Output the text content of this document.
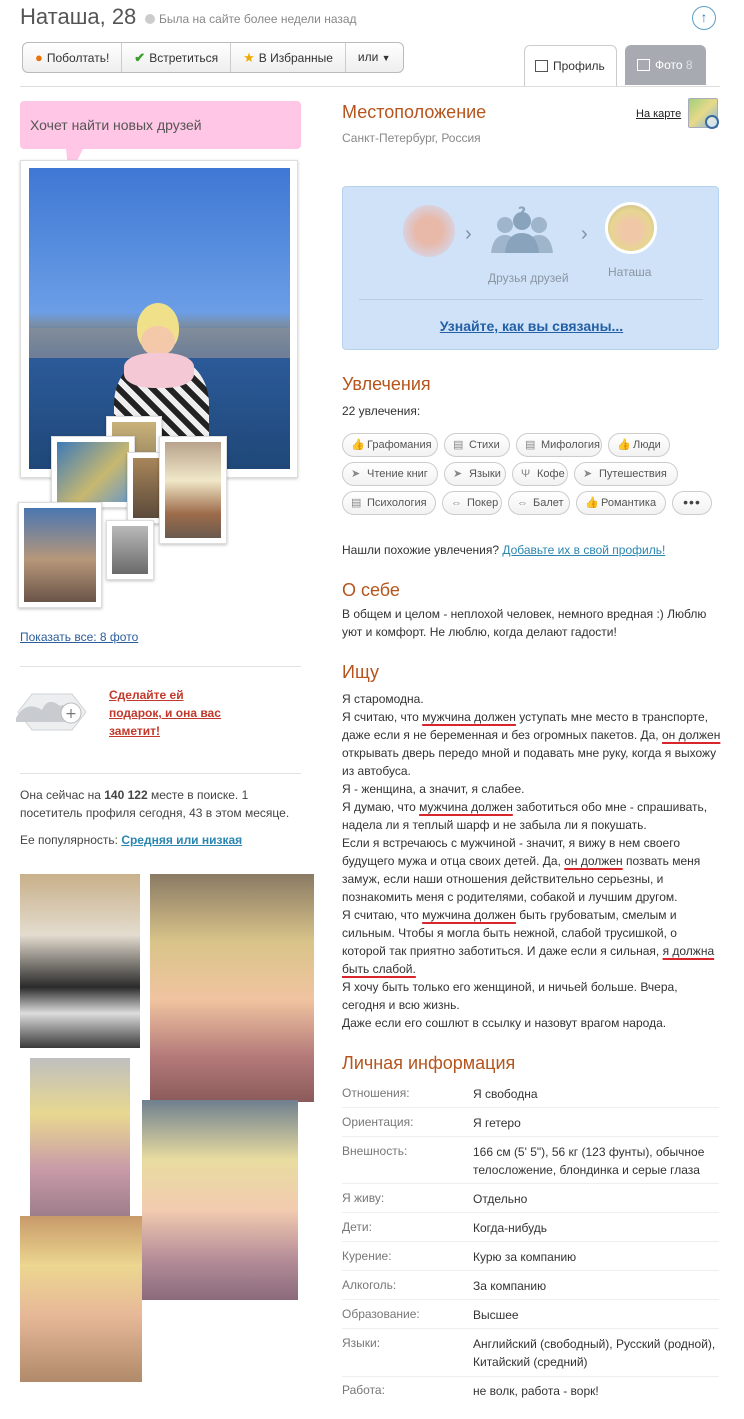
Наташа, 28	Была на сайте более недели назад	↑
● Поболтать!	✔ Встретиться	★ В Избранные	или ▼
Профиль	Фото 8
Хочет найти новых друзей
Показать все: 8 фото
+
Сделайте ей подарок, и она вас заметит!
Она сейчас на 140 122 месте в поиске. 1 посетитель профиля сегодня, 43 в этом месяце.
Ее популярность: Средняя или низкая
Местоположение
Санкт-Петербург, Россия
На карте
›
?
Друзья друзей
›
Наташа
Узнайте, как вы связаны...
Увлечения
22 увлечения:
👍 Графомания	▤ Стихи	▤ Мифология 👍 Люди
➤ Чтение книг	➤ Языки	Ψ Кофе ➤ Путешествия
▤ Психология	⇔ Покер	⇔ Балет	👍 Романтика	•••
Нашли похожие увлечения? Добавьте их в свой профиль!
О себе
В общем и целом - неплохой человек, немного вредная :) Люблю уют и комфорт. Не люблю, когда делают гадости!
Ищу

Я старомодна.

Я считаю, что мужчина должен уступать мне место в транспорте, даже если я не беременная и без огромных пакетов. Да, он должен открывать дверь передо мной и подавать мне руку, когда я выхожу из автобуса.

Я - женщина, а значит, я слабее.

Я думаю, что мужчина должен заботиться обо мне - спрашивать, надела ли я теплый шарф и не забыла ли я покушать.

Если я встречаюсь с мужчиной - значит, я вижу в нем своего будущего мужа и отца своих детей. Да, он должен позвать меня замуж, если наши отношения действительно серьезны, и познакомить меня с родителями, собакой и лучшим другом.

Я считаю, что мужчина должен быть грубоватым, смелым и сильным. Чтобы я могла быть нежной, слабой трусишкой, о которой так приятно заботиться. И даже если я сильная, я должна быть слабой.

Я хочу быть только его женщиной, и ничьей больше. Вчера, сегодня и всю жизнь.

Даже если его сошлют в ссылку и назовут врагом народа.

Личная информация
Отношения:	Я свободна
Ориентация:	Я гетеро
Внешность:	166 см (5' 5"), 56 кг (123 фунты), обычное телосложение, блондинка и серые глаза
Я живу:	Отдельно
Дети:	Когда-нибудь
Курение:	Курю за компанию
Алкоголь:	За компанию
Образование:	Высшее
Языки:	Английский (свободный), Русский (родной), Китайский (средний)
Работа:	не волк, работа - ворк!
